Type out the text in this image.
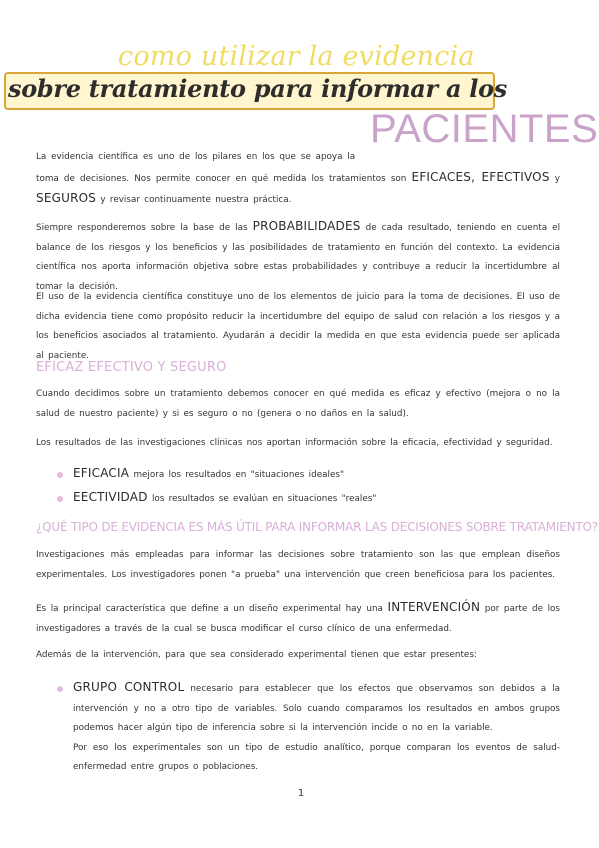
como utilizar la evidencia
sobre tratamiento para informar a los
PACIENTES
La evidencia científica es uno de los pilares en los que se apoya la  toma de decisiones. Nos permite conocer en qué medida los tratamientos son EFICACES, EFECTIVOS y SEGUROS y revisar continuamente nuestra práctica.
Siempre responderemos sobre la base de las PROBABILIDADES de cada resultado, teniendo en cuenta el balance de los riesgos y los beneficios y las posibilidades de tratamiento en función del contexto. La evidencia científica nos aporta información objetiva sobre estas probabilidades y contribuye a reducir la incertidumbre al tomar la decisión.
El uso de la evidencia científica constituye uno de los elementos de juicio para la toma de decisiones. El uso de dicha evidencia tiene como propósito reducir la incertidumbre del equipo de salud con relación a los riesgos y a los beneficios asociados al tratamiento. Ayudarán a decidir la medida en que esta evidencia puede ser aplicada al paciente.
EFICAZ EFECTIVO Y SEGURO
Cuando decidimos sobre un tratamiento debemos conocer en qué medida es eficaz y efectivo (mejora o no la salud de nuestro paciente) y si es seguro o no (genera o no daños en la salud).
Los resultados de las investigaciones clínicas nos aportan información sobre la eficacia, efectividad y seguridad.
EFICACIA mejora los resultados en "situaciones ideales"
EECTIVIDAD los resultados se evalúan en situaciones "reales"
¿QUÉ TIPO DE EVIDENCIA ES MÁS ÚTIL PARA INFORMAR LAS DECISIONES SOBRE TRATAMIENTO?
Investigaciones más empleadas para informar las decisiones sobre tratamiento son las que emplean diseños experimentales. Los investigadores ponen "a prueba" una intervención que creen beneficiosa para los pacientes.
Es la principal característica que define a un diseño experimental hay una INTERVENCIÓN por parte de los investigadores a través de la cual se busca modificar el curso clínico de una enfermedad.
Además de la intervención, para que sea considerado experimental tienen que estar presentes:
GRUPO CONTROL necesario para establecer que los efectos que observamos son debidos a la intervención y no a otro tipo de variables. Solo cuando comparamos los resultados en ambos grupos podemos hacer algún tipo de inferencia sobre si la intervención incide o no en la variable.
Por eso los experimentales son un tipo de estudio analítico, porque comparan los eventos de salud-enfermedad entre grupos o poblaciones.
1
